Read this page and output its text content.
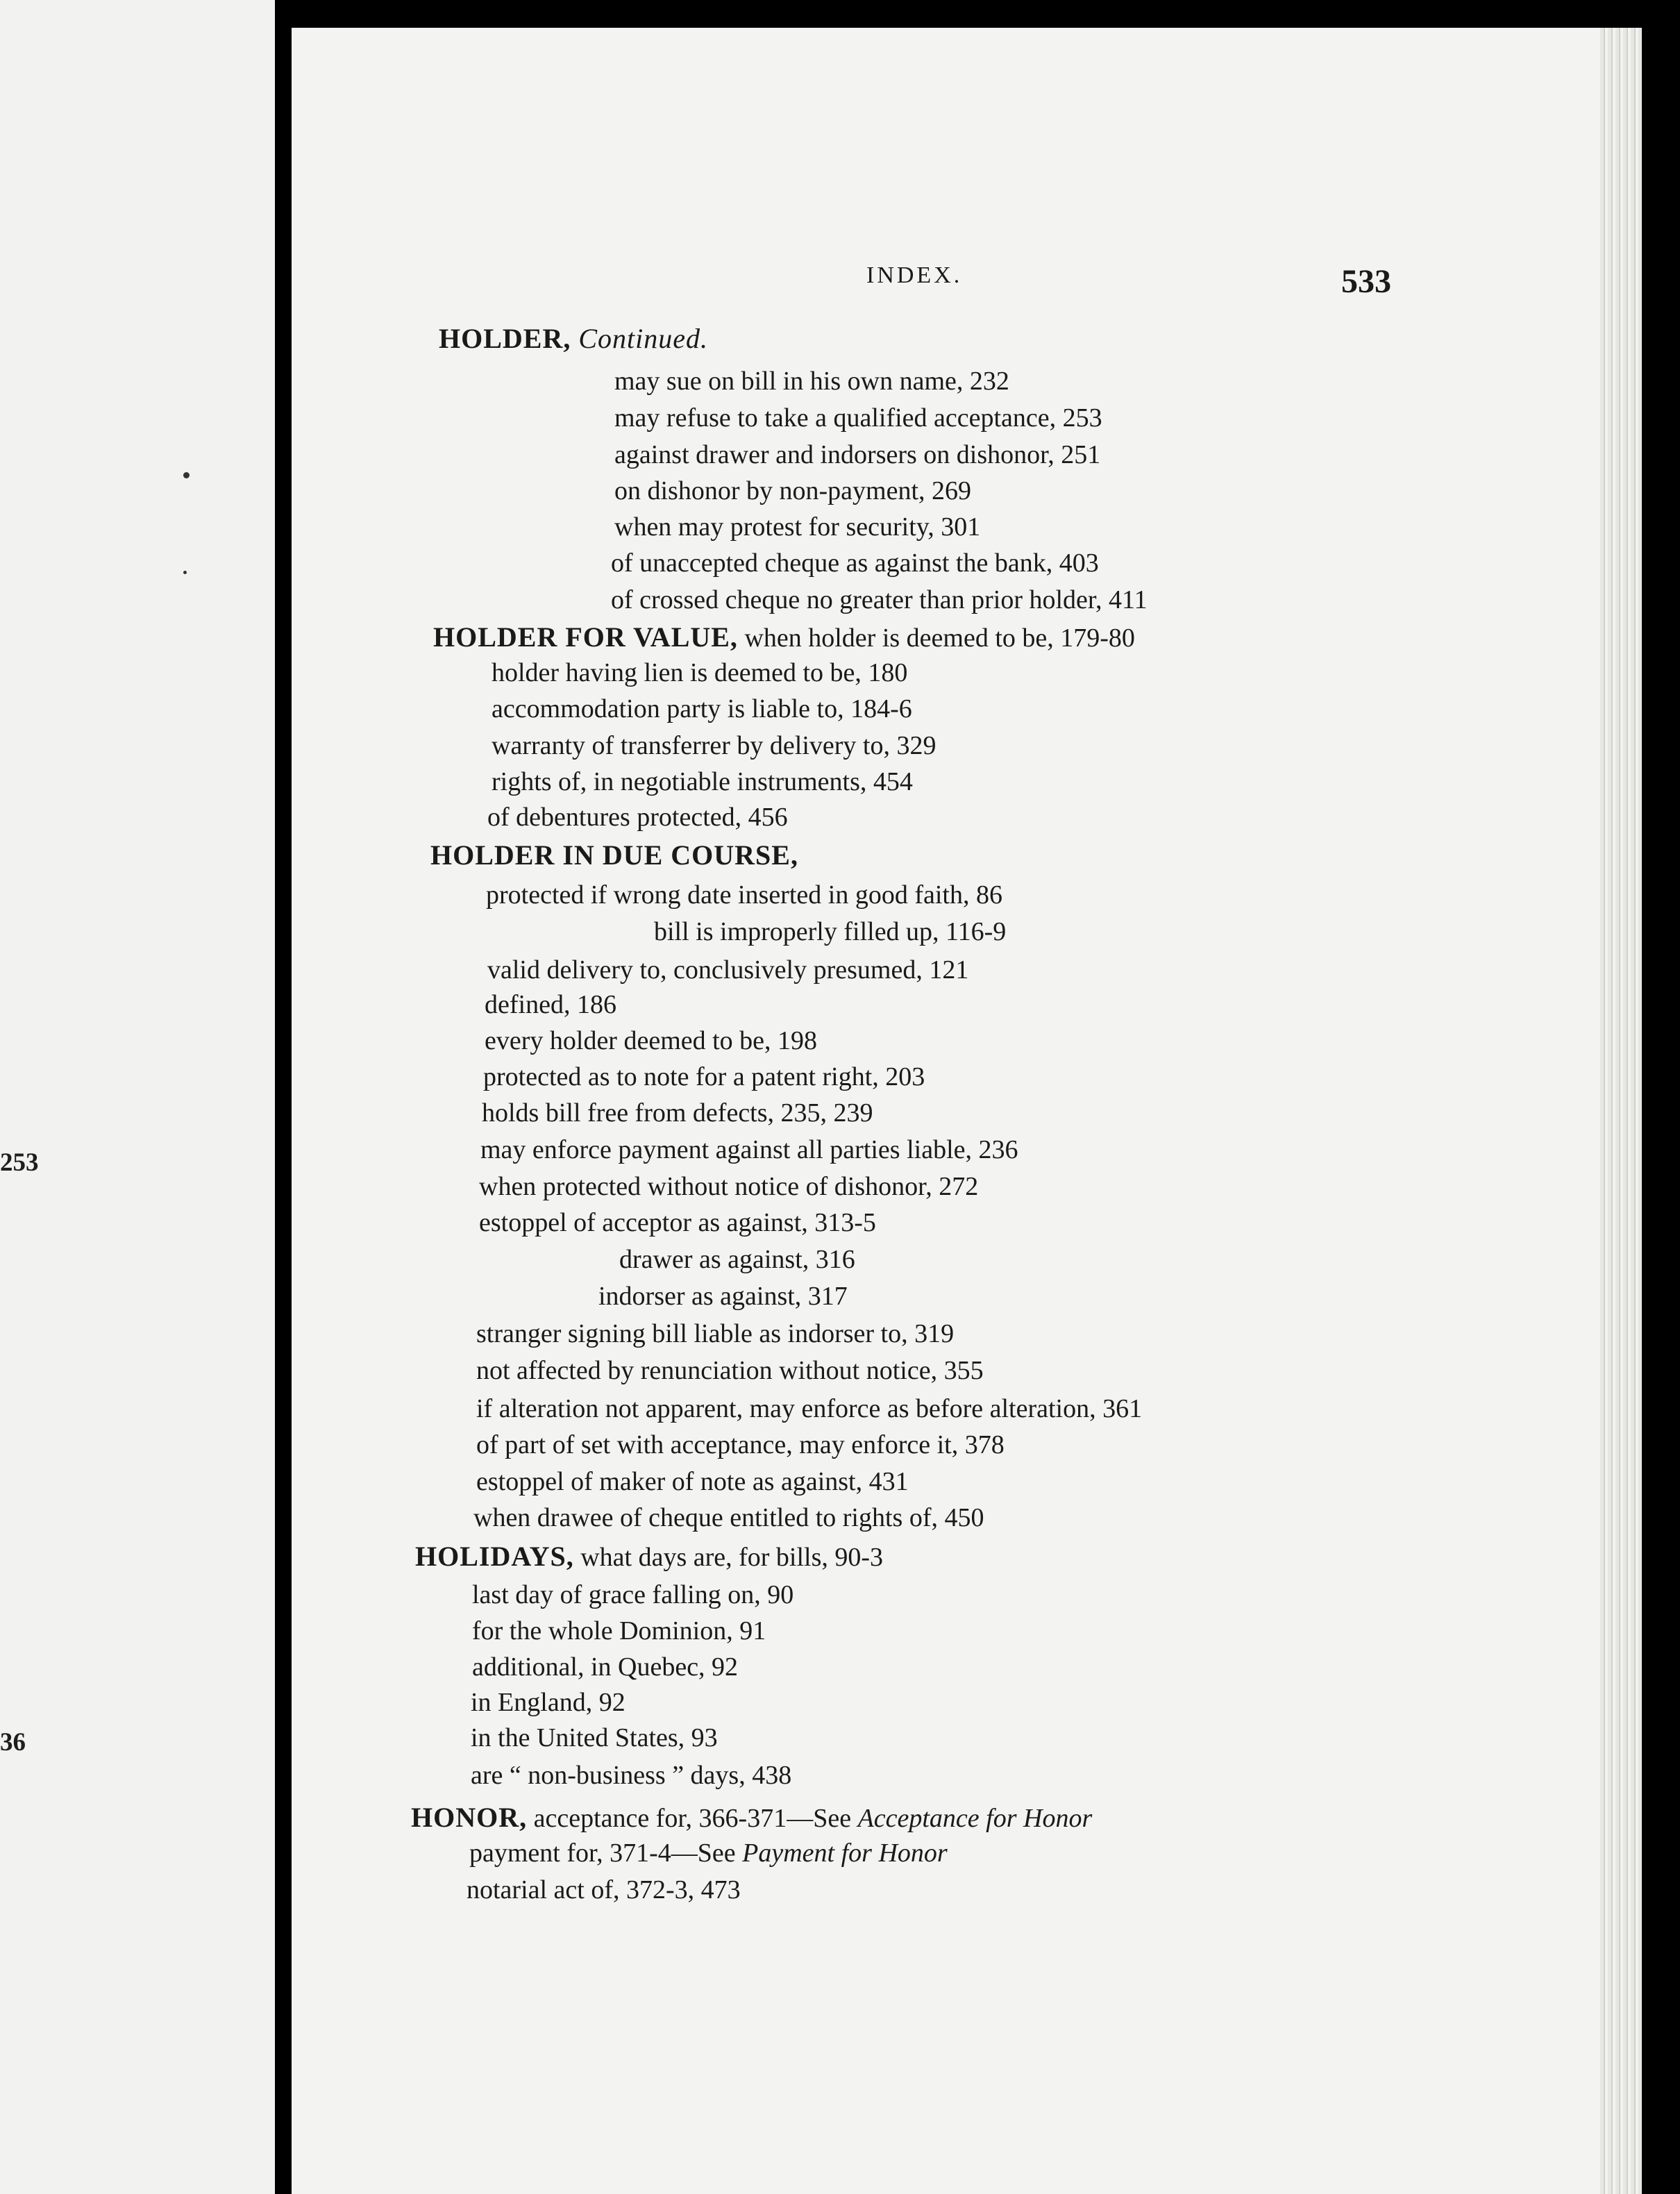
253
36
INDEX.	533
HOLDER, Continued.
may sue on bill in his own name, 232
may refuse to take a qualified acceptance, 253
against drawer and indorsers on dishonor, 251
on dishonor by non-payment, 269
when may protest for security, 301
of unaccepted cheque as against the bank, 403
of crossed cheque no greater than prior holder, 411
HOLDER FOR VALUE, when holder is deemed to be, 179-80
holder having lien is deemed to be, 180
accommodation party is liable to, 184-6
warranty of transferrer by delivery to, 329
rights of, in negotiable instruments, 454
of debentures protected, 456
HOLDER IN DUE COURSE,
protected if wrong date inserted in good faith, 86
bill is improperly filled up, 116-9
valid delivery to, conclusively presumed, 121
defined, 186
every holder deemed to be, 198
protected as to note for a patent right, 203
holds bill free from defects, 235, 239
may enforce payment against all parties liable, 236
when protected without notice of dishonor, 272
estoppel of acceptor as against, 313-5
drawer as against, 316
indorser as against, 317
stranger signing bill liable as indorser to, 319
not affected by renunciation without notice, 355
if alteration not apparent, may enforce as before alteration, 361
of part of set with acceptance, may enforce it, 378
estoppel of maker of note as against, 431
when drawee of cheque entitled to rights of, 450
HOLIDAYS, what days are, for bills, 90-3
last day of grace falling on, 90
for the whole Dominion, 91
additional, in Quebec, 92
in England, 92
in the United States, 93
are “ non-business ” days, 438
HONOR, acceptance for, 366-371—See Acceptance for Honor
payment for, 371-4—See Payment for Honor
notarial act of, 372-3, 473
